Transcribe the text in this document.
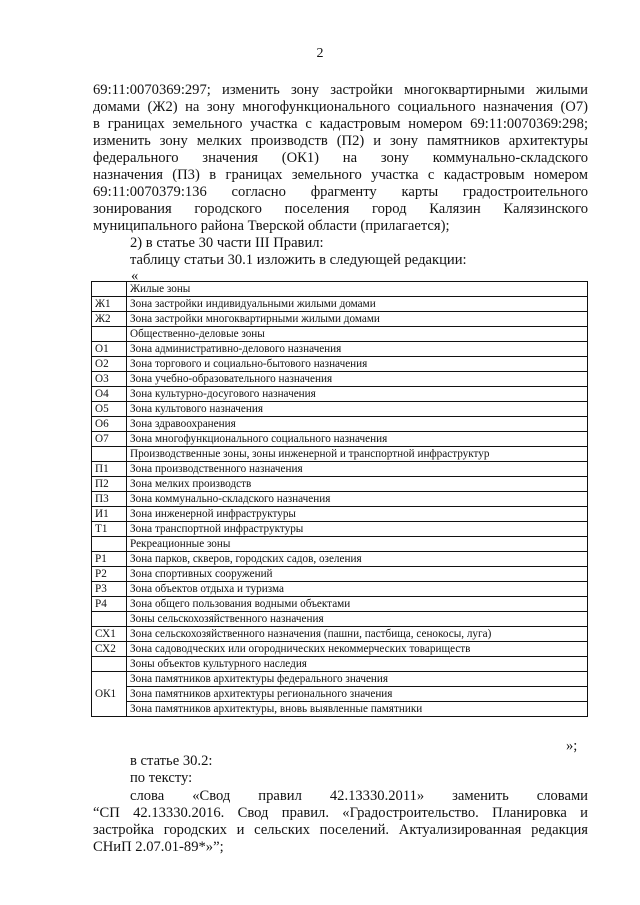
2
69:11:0070369:297; изменить зону застройки многоквартирными жилыми
домами (Ж2) на зону многофункционального социального назначения (О7)
в границах земельного участка с кадастровым номером 69:11:0070369:298;
изменить зону мелких производств (П2) и зону памятников архитектуры
федерального значения (ОК1) на зону коммунально-складского
назначения (П3) в границах земельного участка с кадастровым номером
69:11:0070379:136 согласно фрагменту карты градостроительного
зонирования городского поселения город Калязин Калязинского
муниципального района Тверской области (прилагается);
2) в статье 30 части III Правил:
таблицу статьи 30.1 изложить в следующей редакции:
«
	Жилые зоны
Ж1	Зона застройки индивидуальными жилыми домами
Ж2	Зона застройки многоквартирными жилыми домами
	Общественно-деловые зоны
О1	Зона административно-делового назначения
О2	Зона торгового и социально-бытового назначения
О3	Зона учебно-образовательного назначения
О4	Зона культурно-досугового назначения
О5	Зона культового назначения
О6	Зона здравоохранения
О7	Зона многофункционального социального назначения
	Производственные зоны, зоны инженерной и транспортной инфраструктур
П1	Зона производственного назначения
П2	Зона мелких производств
П3	Зона коммунально-складского назначения
И1	Зона инженерной инфраструктуры
Т1	Зона транспортной инфраструктуры
	Рекреационные зоны
Р1	Зона парков, скверов, городских садов, озеления
Р2	Зона спортивных сооружений
Р3	Зона объектов отдыха и туризма
Р4	Зона общего пользования водными объектами
	Зоны сельскохозяйственного назначения
СХ1	Зона сельскохозяйственного назначения (пашни, пастбища, сенокосы, луга)
СХ2	Зона садоводческих или огороднических некоммерческих товариществ
	Зоны объектов культурного наследия
ОК1	Зона памятников архитектуры федерального значения
	Зона памятников архитектуры регионального значения
	Зона памятников архитектуры, вновь выявленные памятники
»;
в статье 30.2:
по тексту:
слова «Свод правил 42.13330.2011» заменить словами
“СП 42.13330.2016. Свод правил. «Градостроительство. Планировка и
застройка городских и сельских поселений. Актуализированная редакция
СНиП 2.07.01-89*»”;
